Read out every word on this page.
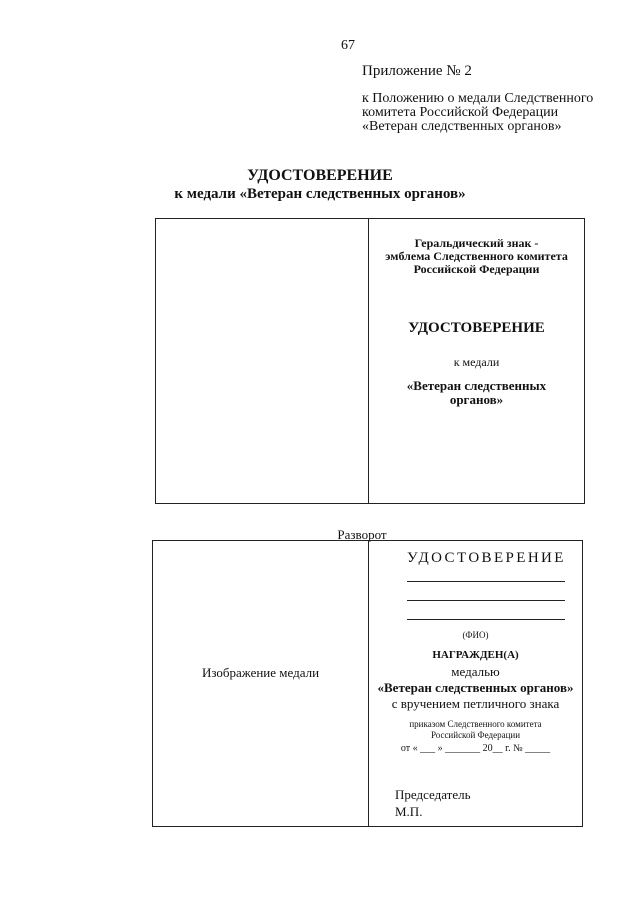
67
Приложение № 2
к Положению о медали Следственного
комитета Российской Федерации
«Ветеран следственных органов»
УДОСТОВЕРЕНИЕ
к медали «Ветеран следственных органов»
Геральдический знак -
эмблема Следственного комитета
Российской Федерации
УДОСТОВЕРЕНИЕ
к медали
«Ветеран следственных
органов»
Разворот
Изображение медали
УДОСТОВЕРЕНИЕ
(ФИО)
НАГРАЖДЕН(А)
медалью
«Ветеран следственных органов»
с вручением петличного знака
приказом Следственного комитета
Российской Федерации
от « ___ » _______ 20__ г. № _____
Председатель
М.П.
